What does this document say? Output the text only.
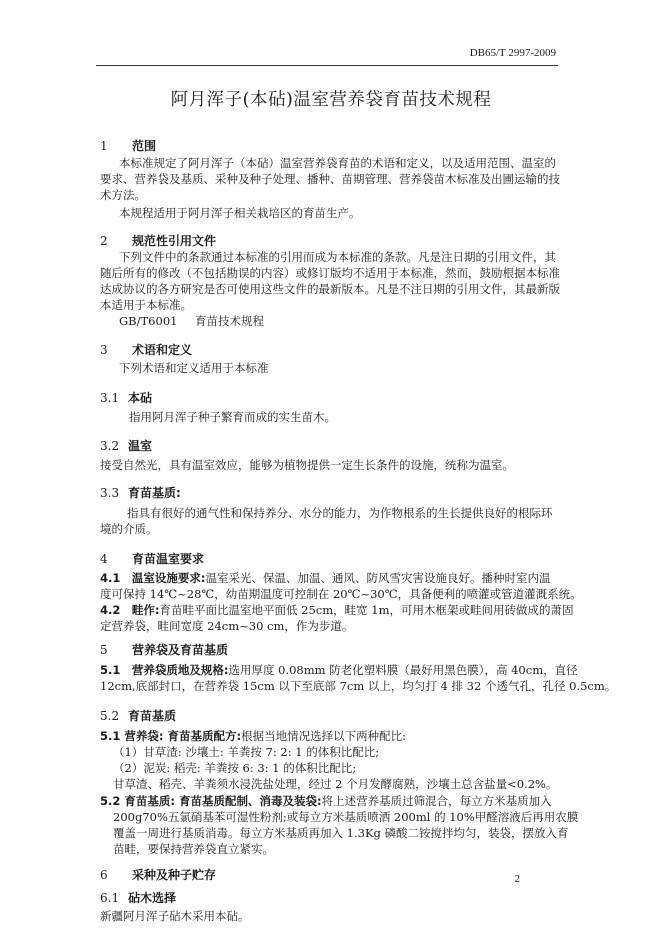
DB65/T 2997-2009
阿月浑子(本砧)温室营养袋育苗技术规程
1 范围
本标准规定了阿月浑子（本砧）温室营养袋育苗的术语和定义，以及适用范围、温室的
要求、营养袋及基质、采种及种子处理、播种、苗期管理、营养袋苗木标准及出圃运输的技
术方法。
本规程适用于阿月浑子相关栽培区的育苗生产。
2 规范性引用文件
下列文件中的条款通过本标准的引用而成为本标准的条款。凡是注日期的引用文件，其
随后所有的修改（不包括勘误的内容）或修订版均不适用于本标准，然而，鼓励根据本标准
达成协议的各方研究是否可使用这些文件的最新版本。凡是不注日期的引用文件，其最新版
本适用于本标准。
GB/T6001 育苗技术规程
3 术语和定义
下列术语和定义适用于本标准
3.1 本砧
指用阿月浑子种子繁育而成的实生苗木。
3.2 温室
接受自然光，具有温室效应，能够为植物提供一定生长条件的设施，统称为温室。
3.3 育苗基质:
指具有很好的通气性和保持养分、水分的能力，为作物根系的生长提供良好的根际环
境的介质。
4 育苗温室要求
4.1　温室设施要求:温室采光、保温、加温、通风、防风雪灾害设施良好。播种时室内温
度可保持 14℃~28℃，幼苗期温度可控制在 20℃~30℃，具备便利的喷灌或管道灌溉系统。
4.2　畦作:育苗畦平面比温室地平面低 25cm，畦宽 1m，可用木框架或畦间用砖做成的萧固
定营养袋，畦间宽度 24cm~30 cm，作为步道。
5 营养袋及育苗基质
5.1　营养袋质地及规格:选用厚度 0.08mm 防老化塑料膜（最好用黑色膜），高 40cm，直径
12cm,底部封口，在营养袋 15cm 以下至底部 7cm 以上，均匀打 4 排 32 个透气孔，孔径 0.5cm。
5.2 育苗基质
5.1 营养袋: 育苗基质配方:根据当地情况选择以下两种配比:
（1）甘草渣: 沙壤土: 羊粪按 7: 2: 1 的体积比配比;
（2）泥炭: 稻壳: 羊粪按 6: 3: 1 的体积比配比;
甘草渣、稻壳、羊粪须水浸洗盐处理，经过 2 个月发酵腐熟，沙壤土总含盐量<0.2%。
5.2 育苗基质: 育苗基质配制、消毒及装袋:将上述营养基质过筛混合，每立方米基质加入
200g70%五氯硝基苯可湿性粉剂;或每立方米基质喷洒 200ml 的 10%甲醛溶液后再用农膜
覆盖一周进行基质消毒。每立方米基质再加入 1.3Kg 磷酸二铵搅拌均匀，装袋，摆放入育
苗畦，要保持营养袋直立紧实。
2
6 采种及种子贮存
6.1 砧木选择
新疆阿月浑子砧木采用本砧。
